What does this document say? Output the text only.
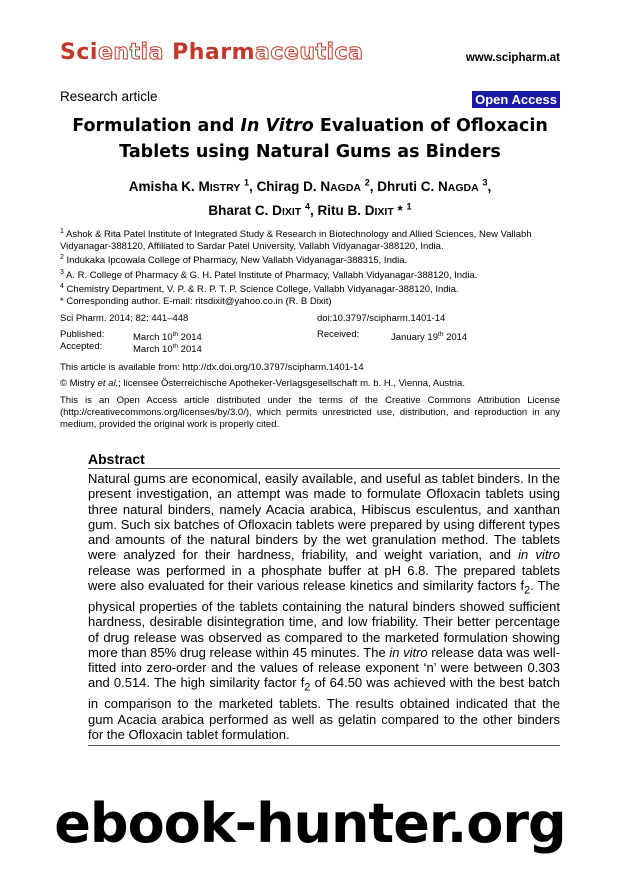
Scientia Pharmaceutica	www.scipharm.at
Research article	Open Access
Formulation and In Vitro Evaluation of Ofloxacin Tablets using Natural Gums as Binders
Amisha K. MISTRY $^1$, Chirag D. NAGDA $^2$, Dhruti C. NAGDA $^3$,
Bharat C. DIXIT $^4$, Ritu B. DIXIT * $^1$

$^1$ Ashok & Rita Patel Institute of Integrated Study & Research in Biotechnology and Allied Sciences, New Vallabh Vidyanagar-388120, Affiliated to Sardar Patel University, Vallabh Vidyanagar-388120, India.

$^2$ Indukaka Ipcowala College of Pharmacy, New Vallabh Vidyanagar-388315, India.

$^3$ A. R. College of Pharmacy & G. H. Patel Institute of Pharmacy, Vallabh Vidyanagar-388120, India.

$^4$ Chemistry Department, V. P. & R. P. T. P. Science College, Vallabh Vidyanagar-388120, India.

* Corresponding author. E-mail: ritsdixit@yahoo.co.in (R. B Dixit)
Sci Pharm. 2014; 82: 441–448	doi:10.3797/scipharm.1401-14
Published:	March 10th 2014	Received:	January 19th 2014
Accepted:	March 10th 2014
This article is available from: http://dx.doi.org/10.3797/scipharm.1401-14
© Mistry et al.; licensee Österreichische Apotheker-Verlagsgesellschaft m. b. H., Vienna, Austria.
This is an Open Access article distributed under the terms of the Creative Commons Attribution License (http://creativecommons.org/licenses/by/3.0/), which permits unrestricted use, distribution, and reproduction in any medium, provided the original work is properly cited.
Abstract
Natural gums are economical, easily available, and useful as tablet binders. In the present investigation, an attempt was made to formulate Ofloxacin tablets using three natural binders, namely Acacia arabica, Hibiscus esculentus, and xanthan gum. Such six batches of Ofloxacin tablets were prepared by using different types and amounts of the natural binders by the wet granulation method. The tablets were analyzed for their hardness, friability, and weight variation, and in vitro release was performed in a phosphate buffer at pH 6.8. The prepared tablets were also evaluated for their various release kinetics and similarity factors $f_2$. The physical properties of the tablets containing the natural binders showed sufficient hardness, desirable disintegration time, and low friability. Their better percentage of drug release was observed as compared to the marketed formulation showing more than 85% drug release within 45 minutes. The in vitro release data was well-fitted into zero-order and the values of release exponent ‘n’ were between 0.303 and 0.514. The high similarity factor $f_2$ of 64.50 was achieved with the best batch in comparison to the marketed tablets. The results obtained indicated that the gum Acacia arabica performed as well as gelatin compared to the other binders for the Ofloxacin tablet formulation.
ebook-hunter.org
